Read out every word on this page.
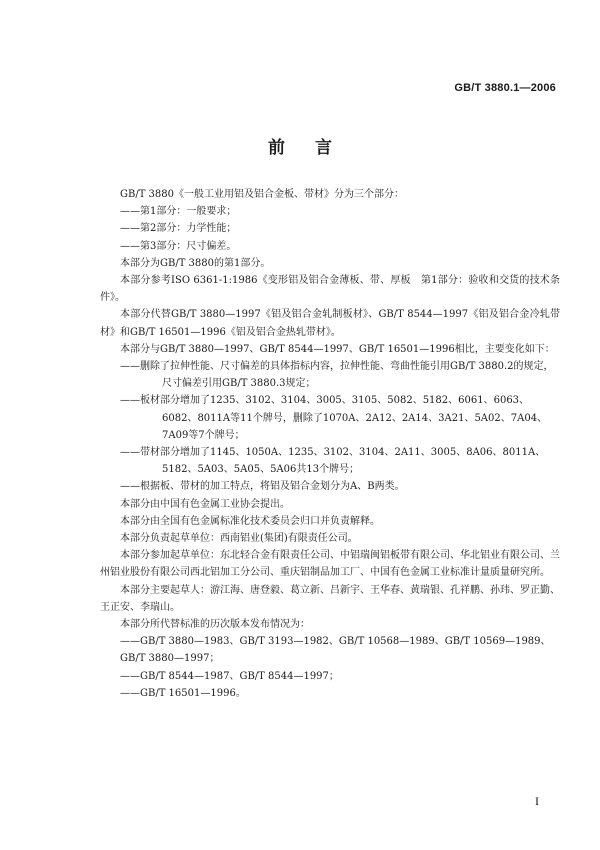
GB/T 3880.1—2006
前言

GB/T 3880《一般工业用铝及铝合金板、带材》分为三个部分：

——第1部分：一般要求；

——第2部分：力学性能；

——第3部分：尺寸偏差。

本部分为GB/T 3880的第1部分。

本部分参考ISO 6361-1:1986《变形铝及铝合金薄板、带、厚板　第1部分：验收和交货的技术条件》。

本部分代替GB/T 3880—1997《铝及铝合金轧制板材》、GB/T 8544—1997《铝及铝合金冷轧带材》和GB/T 16501—1996《铝及铝合金热轧带材》。

本部分与GB/T 3880—1997、GB/T 8544—1997、GB/T 16501—1996相比，主要变化如下：

——删除了拉伸性能、尺寸偏差的具体指标内容，拉伸性能、弯曲性能引用GB/T 3880.2的规定，尺寸偏差引用GB/T 3880.3规定；

——板材部分增加了1235、3102、3104、3005、3105、5082、5182、6061、6063、6082、8011A等11个牌号，删除了1070A、2A12、2A14、3A21、5A02、7A04、7A09等7个牌号；

——带材部分增加了1145、1050A、1235、3102、3104、2A11、3005、8A06、8011A、5182、5A03、5A05、5A06共13个牌号；

——根据板、带材的加工特点，将铝及铝合金划分为A、B两类。

本部分由中国有色金属工业协会提出。

本部分由全国有色金属标准化技术委员会归口并负责解释。

本部分负责起草单位：西南铝业(集团)有限责任公司。

本部分参加起草单位：东北轻合金有限责任公司、中铝瑞闽铝板带有限公司、华北铝业有限公司、兰州铝业股份有限公司西北铝加工分公司、重庆铝制品加工厂、中国有色金属工业标准计量质量研究所。

本部分主要起草人：游江海、唐登毅、葛立新、吕新宇、王华春、黄瑞银、孔祥鹏、孙玮、罗正勤、王正安、李瑞山。

本部分所代替标准的历次版本发布情况为：

——GB/T 3880—1983、GB/T 3193—1982、GB/T 10568—1989、GB/T 10569—1989、GB/T 3880—1997；

——GB/T 8544—1987、GB/T 8544—1997；

——GB/T 16501—1996。

I
